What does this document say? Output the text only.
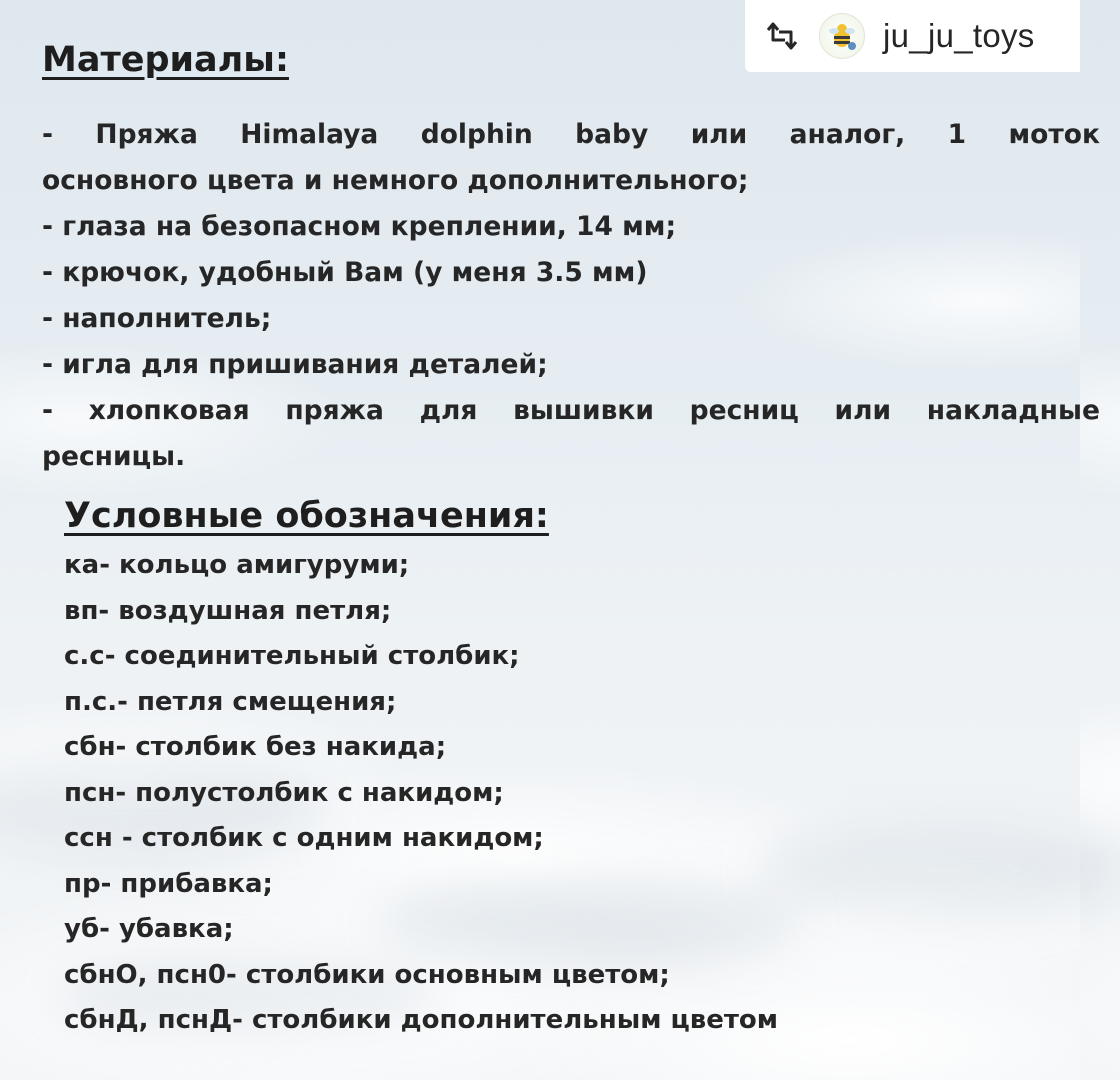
ju_ju_toys
Материалы:
- Пряжа Himalaya dolphin baby или аналог, 1 моток
основного цвета и немного дополнительного;
- глаза на безопасном креплении, 14 мм;
- крючок, удобный Вам (у меня 3.5 мм)
- наполнитель;
- игла для пришивания деталей;
- хлопковая пряжа для вышивки ресниц или накладные
ресницы.
Условные обозначения:
ка- кольцо амигуруми;
вп- воздушная петля;
с.с- соединительный столбик;
п.с.- петля смещения;
сбн- столбик без накида;
псн- полустолбик с накидом;
ссн - столбик с одним накидом;
пр- прибавка;
уб- убавка;
сбнО, псн0- столбики основным цветом;
сбнД, пснД- столбики дополнительным цветом
